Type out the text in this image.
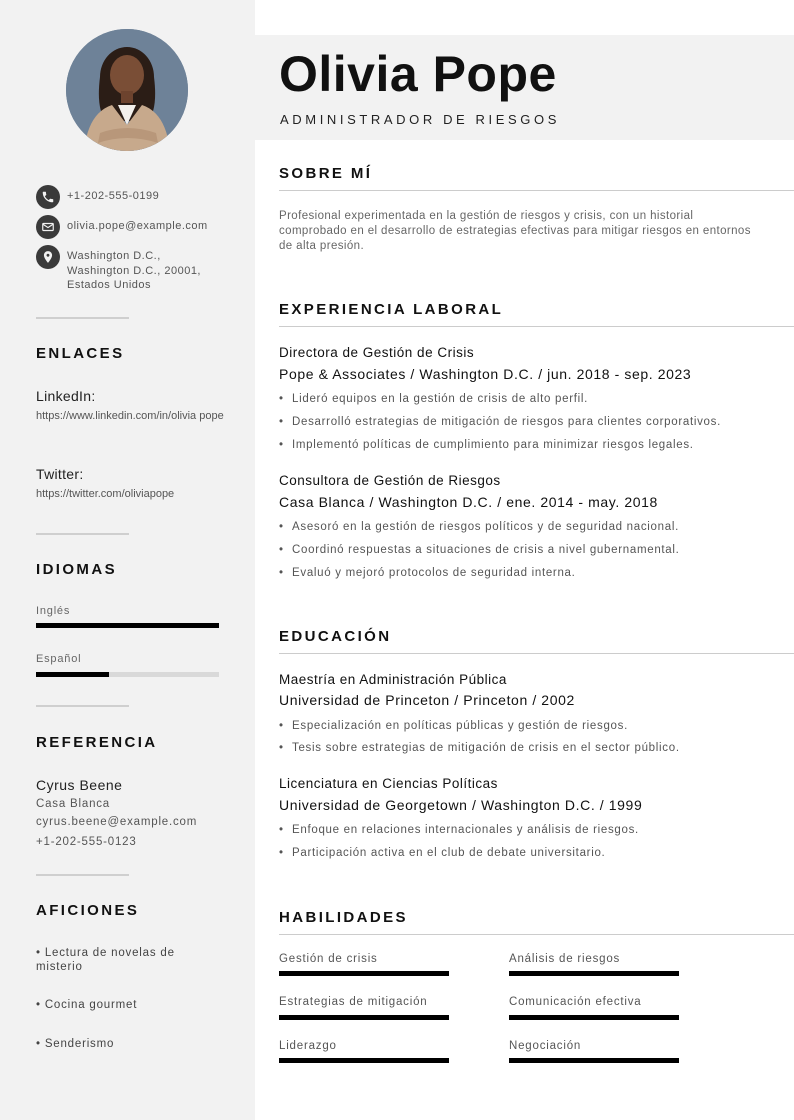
+1-202-555-0199
olivia.pope@example.com
Washington D.C.,
Washington D.C., 20001,
Estados Unidos
ENLACES
LinkedIn:
https://www.linkedin.com/in/olivia pope
Twitter:
https://twitter.com/oliviapope
IDIOMAS
Inglés
Español
REFERENCIA
Cyrus Beene
Casa Blanca
cyrus.beene@example.com
+1-202-555-0123
AFICIONES
• Lectura de novelas de misterio
• Cocina gourmet
• Senderismo
Olivia Pope
ADMINISTRADOR DE RIESGOS
SOBRE MÍ
Profesional experimentada en la gestión de riesgos y crisis, con un historial comprobado en el desarrollo de estrategias efectivas para mitigar riesgos en entornos de alta presión.
EXPERIENCIA LABORAL
Directora de Gestión de Crisis
Pope & Associates / Washington D.C. / jun. 2018 - sep. 2023
• Lideró equipos en la gestión de crisis de alto perfil.
• Desarrolló estrategias de mitigación de riesgos para clientes corporativos.
• Implementó políticas de cumplimiento para minimizar riesgos legales.
Consultora de Gestión de Riesgos
Casa Blanca / Washington D.C. / ene. 2014 - may. 2018
• Asesoró en la gestión de riesgos políticos y de seguridad nacional.
• Coordinó respuestas a situaciones de crisis a nivel gubernamental.
• Evaluó y mejoró protocolos de seguridad interna.
EDUCACIÓN
Maestría en Administración Pública
Universidad de Princeton / Princeton / 2002
• Especialización en políticas públicas y gestión de riesgos.
• Tesis sobre estrategias de mitigación de crisis en el sector público.
Licenciatura en Ciencias Políticas
Universidad de Georgetown / Washington D.C. / 1999
• Enfoque en relaciones internacionales y análisis de riesgos.
• Participación activa en el club de debate universitario.
HABILIDADES
Gestión de crisis	Análisis de riesgos
Estrategias de mitigación	Comunicación efectiva
Liderazgo	Negociación
